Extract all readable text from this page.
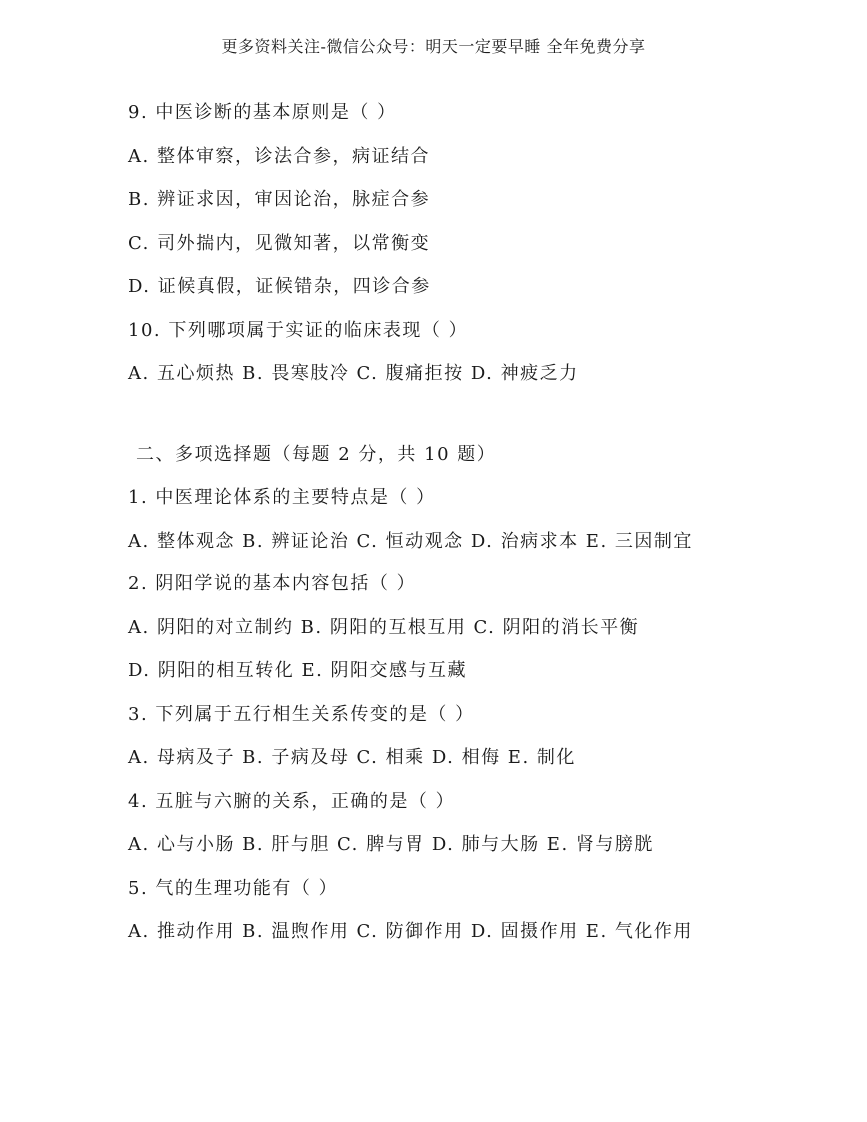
更多资料关注-微信公众号：明天一定要早睡 全年免费分享
9. 中医诊断的基本原则是（ ）
A. 整体审察，诊法合参，病证结合
B. 辨证求因，审因论治，脉症合参
C. 司外揣内，见微知著，以常衡变
D. 证候真假，证候错杂，四诊合参
10. 下列哪项属于实证的临床表现（ ）
A. 五心烦热 B. 畏寒肢冷 C. 腹痛拒按 D. 神疲乏力
二、多项选择题（每题 2 分，共 10 题）
1. 中医理论体系的主要特点是（ ）
A. 整体观念 B. 辨证论治 C. 恒动观念 D. 治病求本 E. 三因制宜
2. 阴阳学说的基本内容包括（ ）
A. 阴阳的对立制约 B. 阴阳的互根互用 C. 阴阳的消长平衡
D. 阴阳的相互转化 E. 阴阳交感与互藏
3. 下列属于五行相生关系传变的是（ ）
A. 母病及子 B. 子病及母 C. 相乘 D. 相侮 E. 制化
4. 五脏与六腑的关系，正确的是（ ）
A. 心与小肠 B. 肝与胆 C. 脾与胃 D. 肺与大肠 E. 肾与膀胱
5. 气的生理功能有（ ）
A. 推动作用 B. 温煦作用 C. 防御作用 D. 固摄作用 E. 气化作用
